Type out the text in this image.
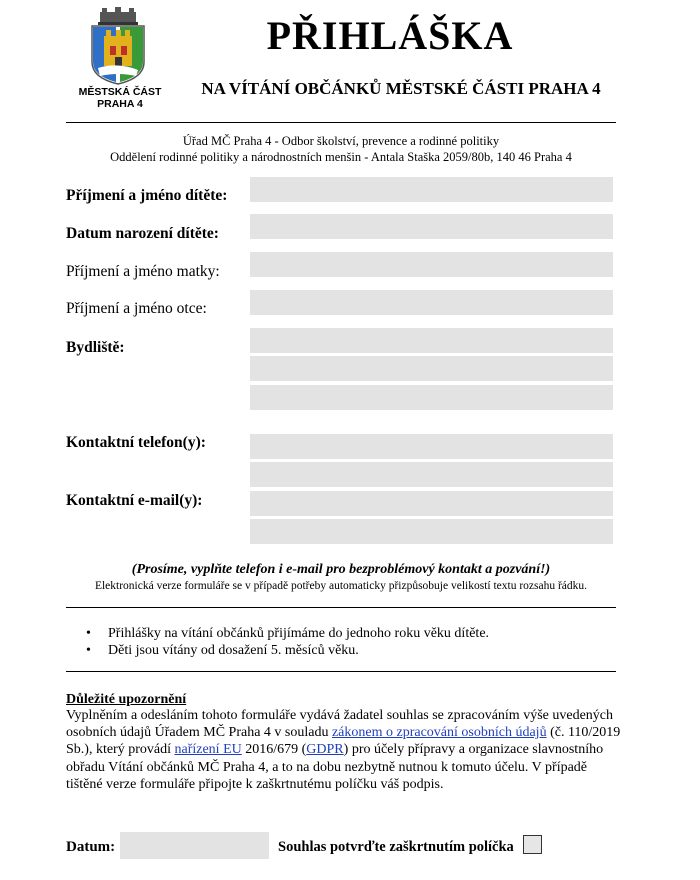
MĚSTSKÁ ČÁST
PRAHA 4
PŘIHLÁŠKA
NA VÍTÁNÍ OBČÁNKŮ MĚSTSKÉ ČÁSTI PRAHA 4
Úřad MČ Praha 4 - Odbor školství, prevence a rodinné politiky
Oddělení rodinné politiky a národnostních menšin - Antala Staška 2059/80b, 140 46 Praha 4
Příjmení a jméno dítěte:
Datum narození dítěte:
Příjmení a jméno matky:
Příjmení a jméno otce:
Bydliště:
Kontaktní telefon(y):
Kontaktní e-mail(y):
(Prosíme, vyplňte telefon i e-mail pro bezproblémový kontakt a pozvání!)
Elektronická verze formuláře se v případě potřeby automaticky přizpůsobuje velikostí textu rozsahu řádku.
• Přihlášky na vítání občánků přijímáme do jednoho roku věku dítěte.
• Děti jsou vítány od dosažení 5. měsíců věku.
Důležité upozornění
Vyplněním a odesláním tohoto formuláře vydává žadatel souhlas se zpracováním výše uvedených osobních údajů Úřadem MČ Praha 4 v souladu zákonem o zpracování osobních údajů (č. 110/2019 Sb.), který provádí nařízení EU 2016/679 (GDPR) pro účely přípravy a organizace slavnostního obřadu Vítání občánků MČ Praha 4, a to na dobu nezbytně nutnou k tomuto účelu. V případě tištěné verze formuláře připojte k zaškrtnutému políčku váš podpis.
Datum:	Souhlas potvrďte zaškrtnutím políčka
